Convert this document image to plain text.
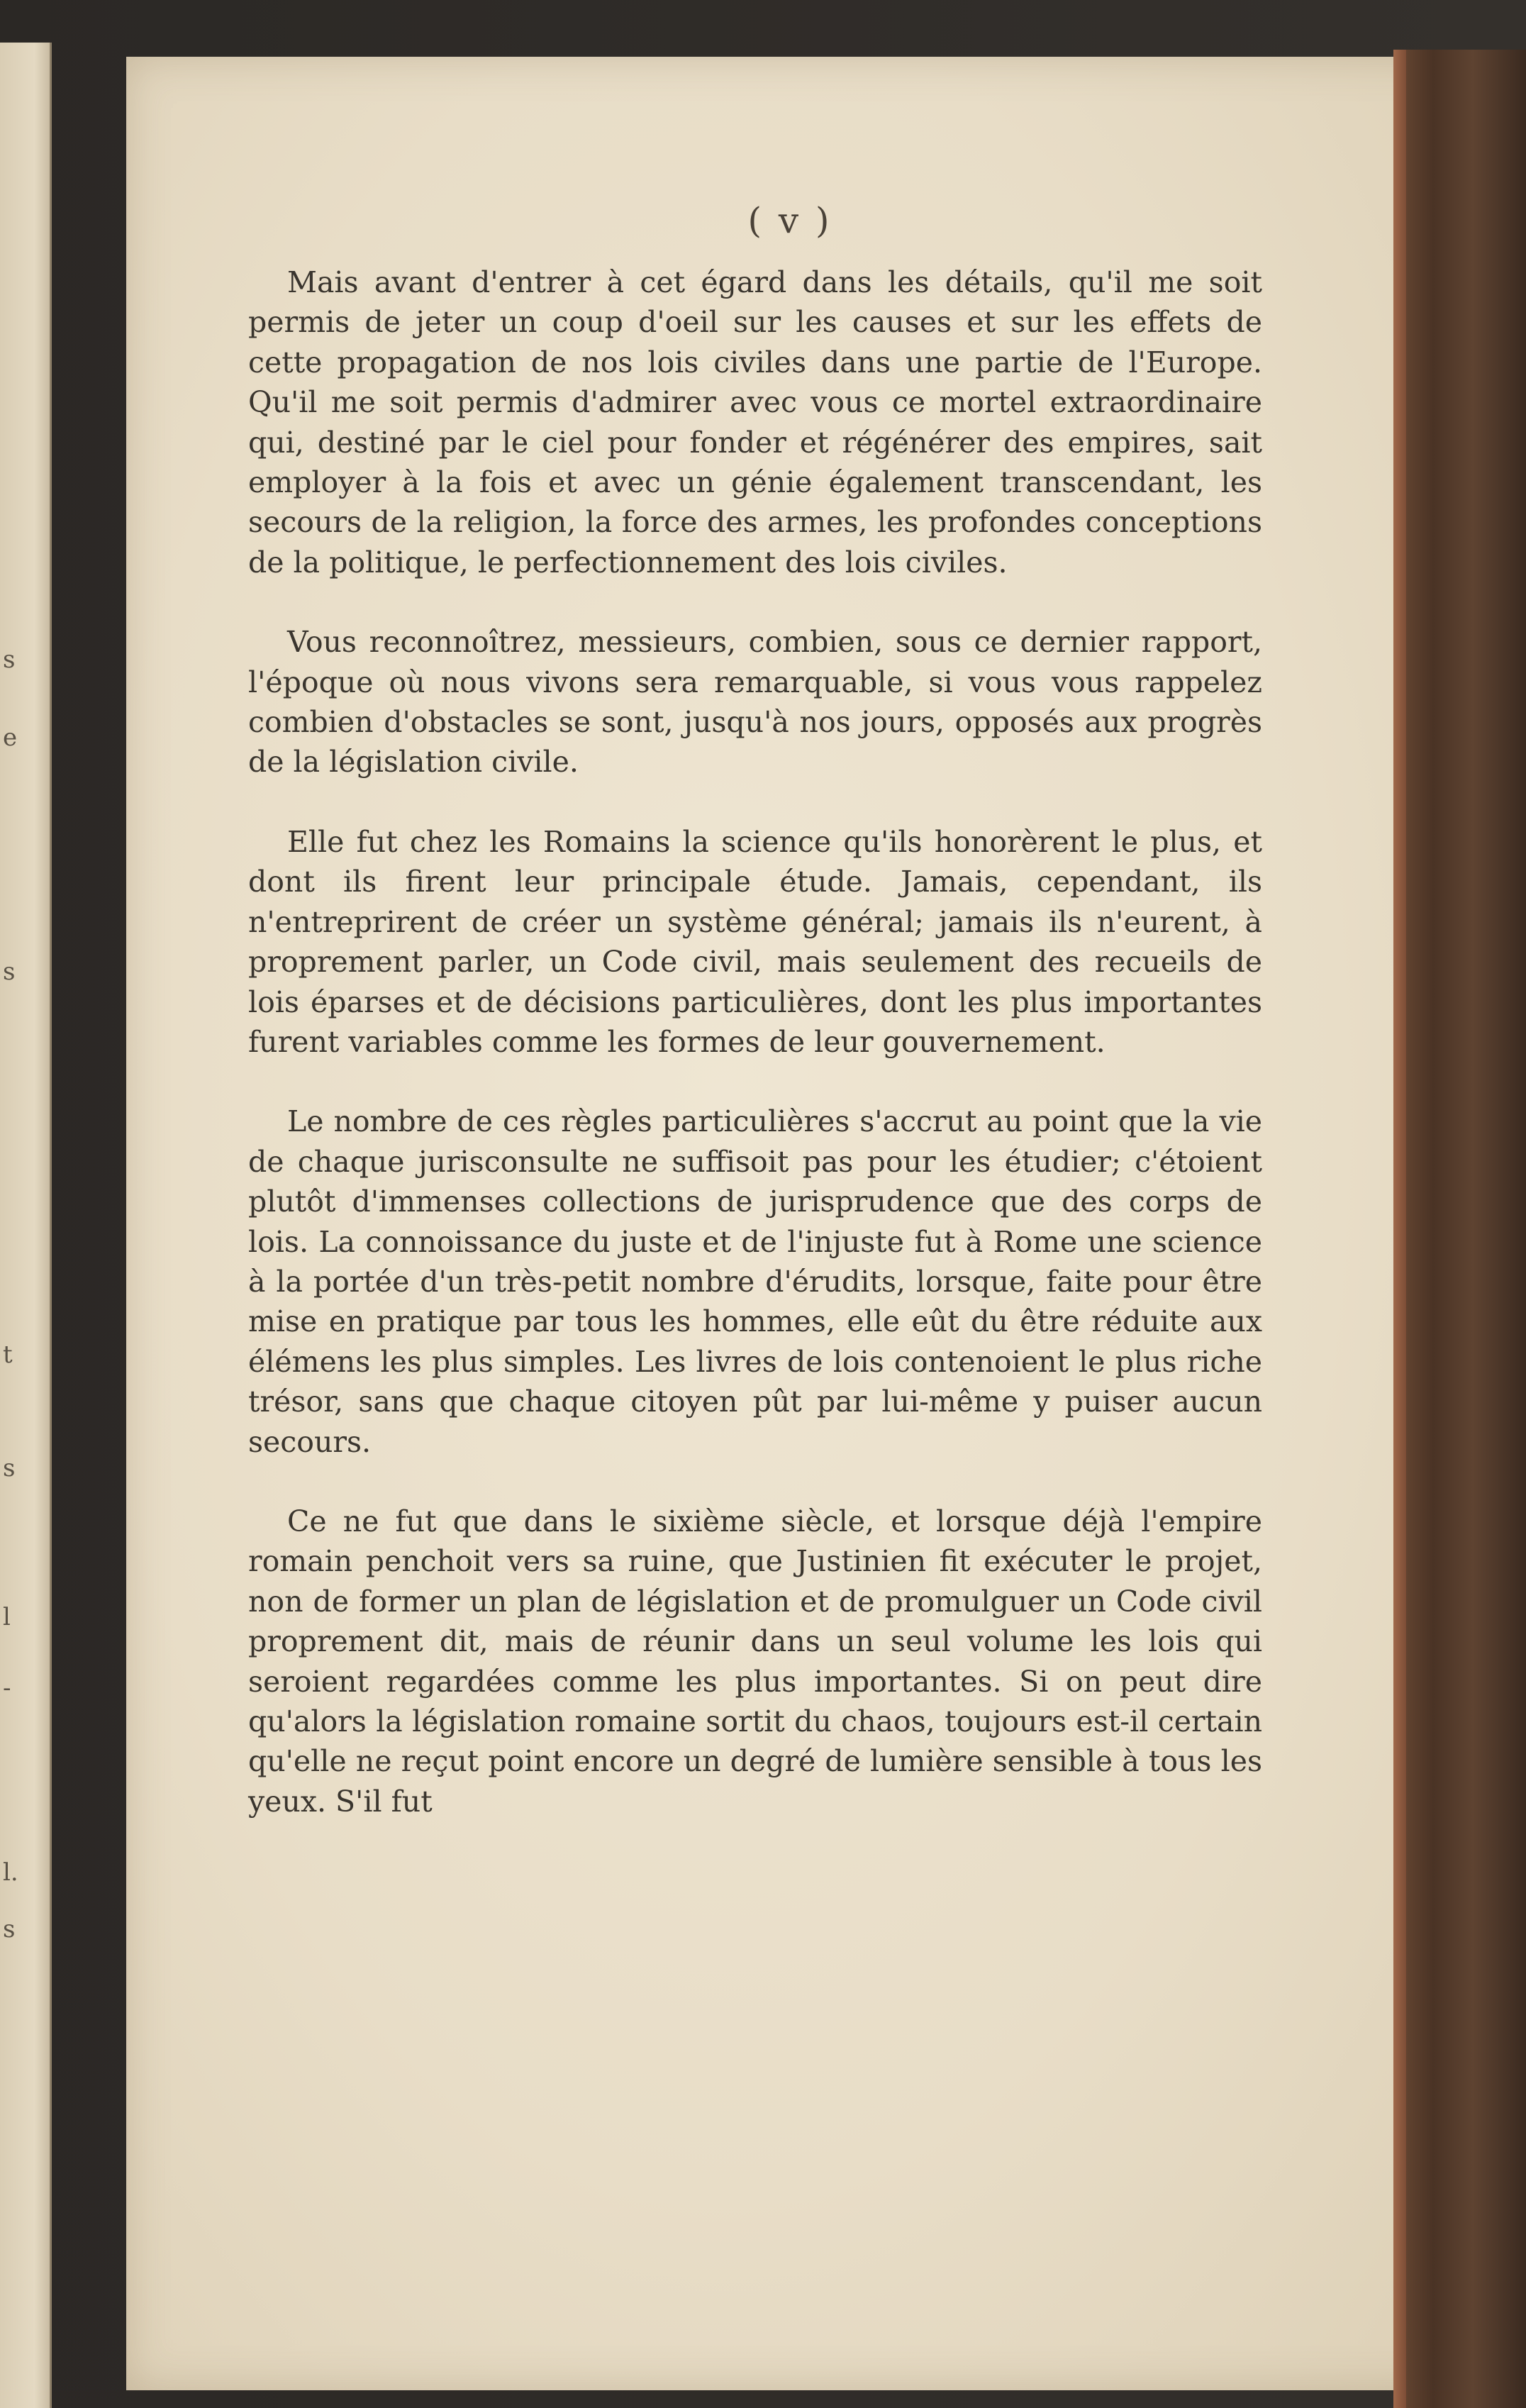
s
e
s
t
s
l
-
l.
s
( v )

Mais avant d'entrer à cet égard dans les détails, qu'il me soit permis de jeter un coup d'oeil sur les causes et sur les effets de cette propagation de nos lois civiles dans une partie de l'Europe. Qu'il me soit permis d'admirer avec vous ce mortel extraordinaire qui, destiné par le ciel pour fonder et régénérer des empires, sait employer à la fois et avec un génie également transcendant, les secours de la religion, la force des armes, les profondes conceptions de la politique, le perfectionnement des lois civiles.

Vous reconnoîtrez, messieurs, combien, sous ce dernier rapport, l'époque où nous vivons sera remarquable, si vous vous rappelez combien d'obstacles se sont, jusqu'à nos jours, opposés aux progrès de la législation civile.

Elle fut chez les Romains la science qu'ils honorèrent le plus, et dont ils firent leur principale étude. Jamais, cependant, ils n'entreprirent de créer un système général; jamais ils n'eurent, à proprement parler, un Code civil, mais seulement des recueils de lois éparses et de décisions particulières, dont les plus importantes furent variables comme les formes de leur gouvernement.

Le nombre de ces règles particulières s'accrut au point que la vie de chaque jurisconsulte ne suffisoit pas pour les étudier; c'étoient plutôt d'immenses collections de jurisprudence que des corps de lois. La connoissance du juste et de l'injuste fut à Rome une science à la portée d'un très-petit nombre d'érudits, lorsque, faite pour être mise en pratique par tous les hommes, elle eût du être réduite aux élémens les plus simples. Les livres de lois contenoient le plus riche trésor, sans que chaque citoyen pût par lui-même y puiser aucun secours.

Ce ne fut que dans le sixième siècle, et lorsque déjà l'empire romain penchoit vers sa ruine, que Justinien fit exécuter le projet, non de former un plan de législation et de promulguer un Code civil proprement dit, mais de réunir dans un seul volume les lois qui seroient regardées comme les plus importantes. Si on peut dire qu'alors la législation romaine sortit du chaos, toujours est-il certain qu'elle ne reçut point encore un degré de lumière sensible à tous les yeux. S'il fut
